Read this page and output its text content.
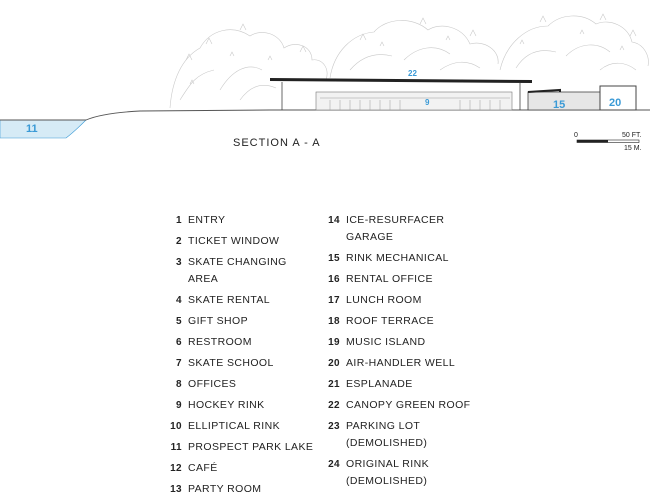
11
22
9	15	20
0	50 FT.
15 M.
SECTION A - A
1 ENTRY
2 TICKET WINDOW
3 SKATE CHANGING AREA
4 SKATE RENTAL
5 GIFT SHOP
6 RESTROOM
7 SKATE SCHOOL
8 OFFICES
9 HOCKEY RINK
10 ELLIPTICAL RINK
11 PROSPECT PARK LAKE
12 CAFÉ
13 PARTY ROOM
14 ICE-RESURFACER GARAGE
15 RINK MECHANICAL
16 RENTAL OFFICE
17 LUNCH ROOM
18 ROOF TERRACE
19 MUSIC ISLAND
20 AIR-HANDLER WELL
21 ESPLANADE
22 CANOPY GREEN ROOF
23 PARKING LOT (DEMOLISHED)
24 ORIGINAL RINK (DEMOLISHED)
